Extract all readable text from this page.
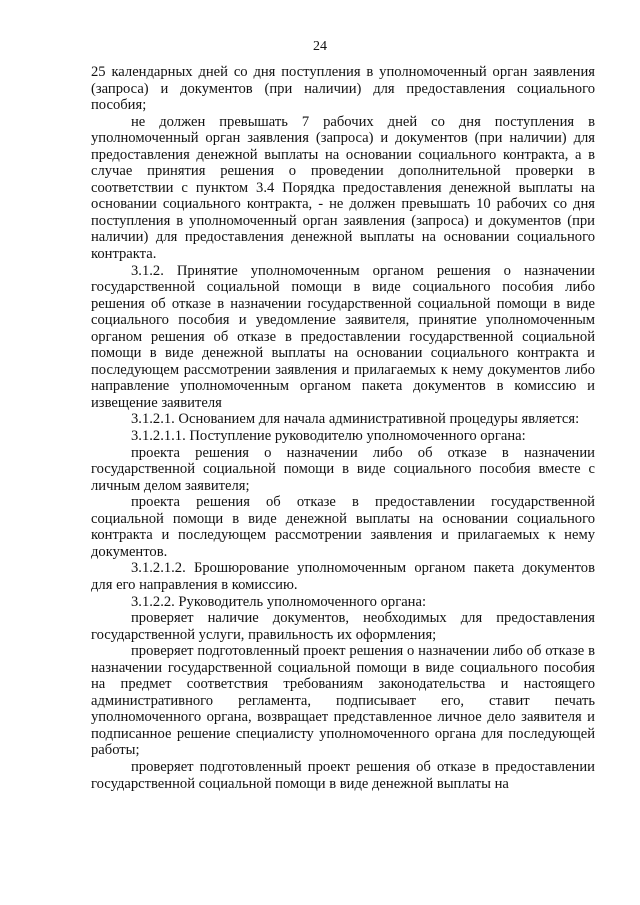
24

25 календарных дней со дня поступления в уполномоченный орган заявления (запроса) и документов (при наличии) для предоставления социального пособия;

не должен превышать 7 рабочих дней со дня поступления в уполномоченный орган заявления (запроса) и документов (при наличии) для предоставления денежной выплаты на основании социального контракта, а в случае принятия решения о проведении дополнительной проверки в соответствии с пунктом 3.4 Порядка предоставления денежной выплаты на основании социального контракта, - не должен превышать 10 рабочих со дня поступления в уполномоченный орган заявления (запроса) и документов (при наличии) для предоставления денежной выплаты на основании социального контракта.

3.1.2. Принятие уполномоченным органом решения о назначении государственной социальной помощи в виде социального пособия либо решения об отказе в назначении государственной социальной помощи в виде социального пособия и уведомление заявителя, принятие уполномоченным органом решения об отказе в предоставлении государственной социальной помощи в виде денежной выплаты на основании социального контракта и последующем рассмотрении заявления и прилагаемых к нему документов либо направление уполномоченным органом пакета документов в комиссию и извещение заявителя

3.1.2.1. Основанием для начала административной процедуры является:

3.1.2.1.1. Поступление руководителю уполномоченного органа:

проекта решения о назначении либо об отказе в назначении государственной социальной помощи в виде социального пособия вместе с личным делом заявителя;

проекта решения об отказе в предоставлении государственной социальной помощи в виде денежной выплаты на основании социального контракта и последующем рассмотрении заявления и прилагаемых к нему документов.

3.1.2.1.2. Брошюрование уполномоченным органом пакета документов для его направления в комиссию.

3.1.2.2. Руководитель уполномоченного органа:

проверяет наличие документов, необходимых для предоставления государственной услуги, правильность их оформления;

проверяет подготовленный проект решения о назначении либо об отказе в назначении государственной социальной помощи в виде социального пособия на предмет соответствия требованиям законодательства и настоящего административного регламента, подписывает его, ставит печать уполномоченного органа, возвращает представленное личное дело заявителя и подписанное решение специалисту уполномоченного органа для последующей работы;

проверяет подготовленный проект решения об отказе в предоставлении государственной социальной помощи в виде денежной выплаты на
